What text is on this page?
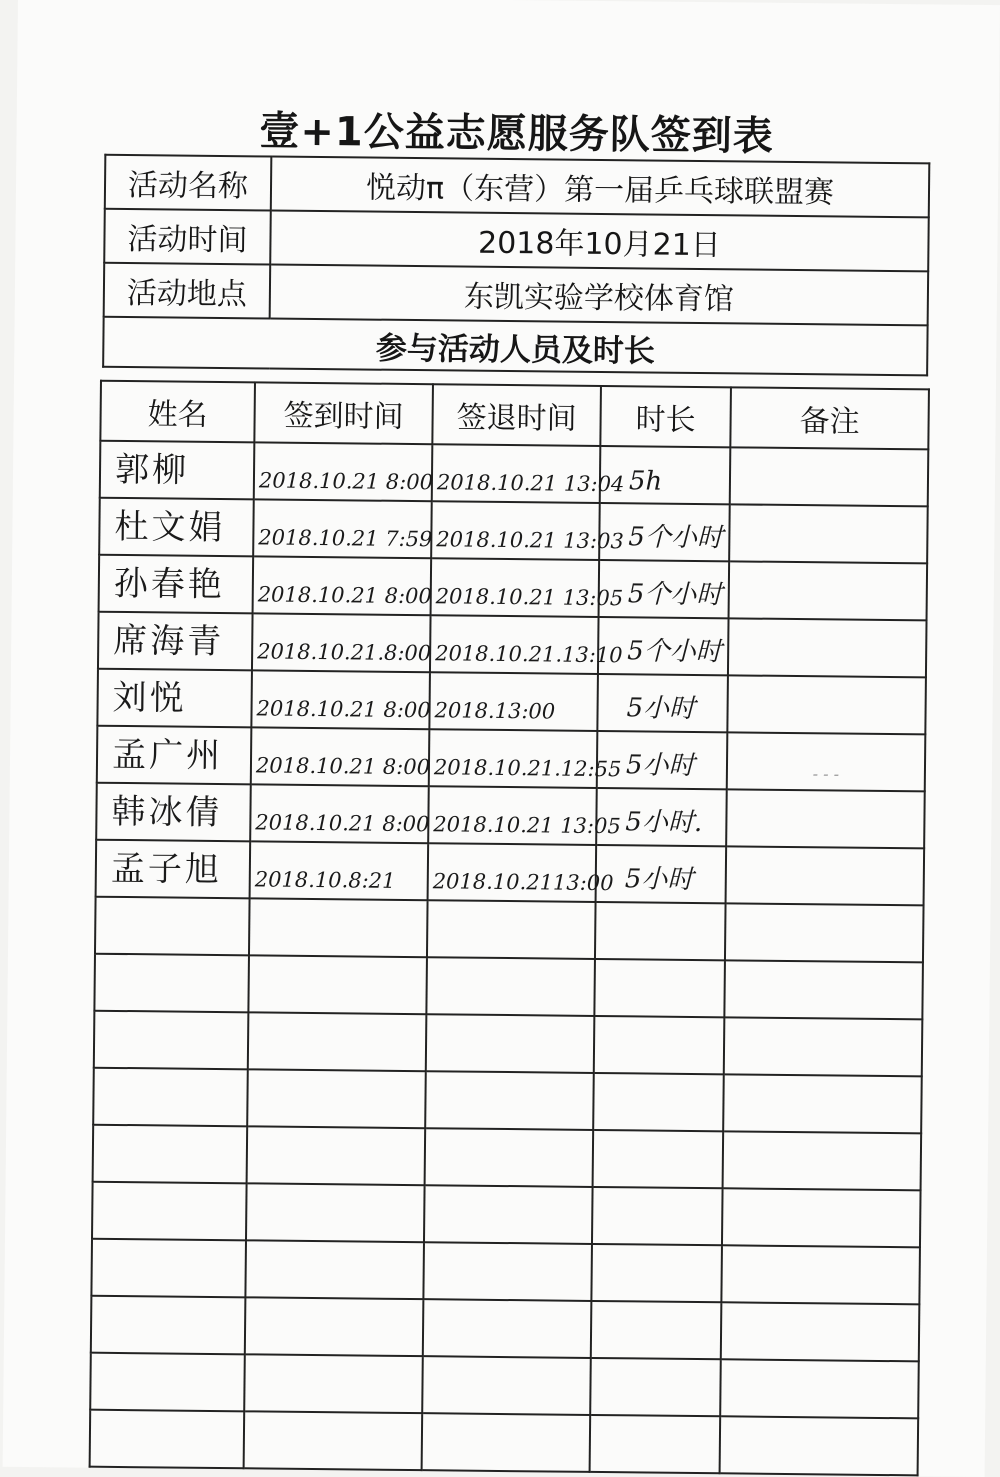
壹+1公益志愿服务队签到表
活动名称	悦动π（东营）第一届乒乓球联盟赛
活动时间	2018年10月21日
活动地点	东凯实验学校体育馆
参与活动人员及时长	
姓名	签到时间	签退时间	时长	备注

郭柳	2018.10.21 8:00	2018.10.21 13:04	5h	

杜文娟	2018.10.21 7:59	2018.10.21 13:03	5个小时	

孙春艳	2018.10.21 8:00	2018.10.21 13:05	5个小时	

席海青	2018.10.21.8:00	2018.10.21.13:10	5个小时	

刘悦	2018.10.21 8:00	2018.13:00	5小时	

孟广州	2018.10.21 8:00	2018.10.21.12:55	5小时	- - -

韩冰倩	2018.10.21 8:00	2018.10.21 13:05	5小时.	

孟子旭	2018.10.8:21	2018.10.2113:00	5小时	
